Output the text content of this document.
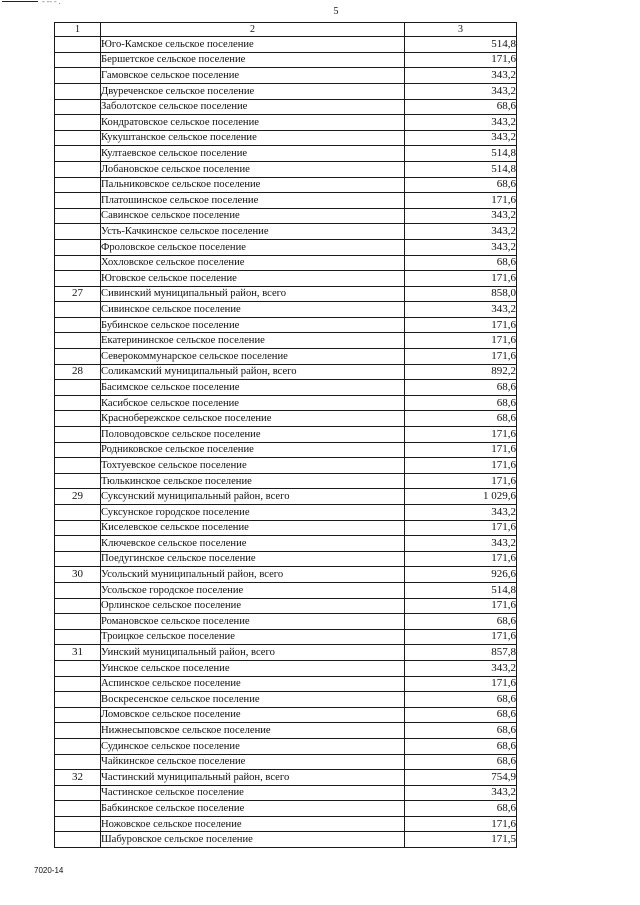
- -- - .
5
1	2	3
	Юго-Камское сельское поселение	514,8
	Бершетское сельское поселение	171,6
	Гамовское сельское поселение	343,2
	Двуреченское сельское поселение	343,2
	Заболотское сельское поселение	68,6
	Кондратовское сельское поселение	343,2
	Кукуштанское сельское поселение	343,2
	Култаевское сельское поселение	514,8
	Лобановское сельское поселение	514,8
	Пальниковское сельское поселение	68,6
	Платошинское сельское поселение	171,6
	Савинское сельское поселение	343,2
	Усть-Качкинское сельское поселение	343,2
	Фроловское сельское поселение	343,2
	Хохловское сельское поселение	68,6
	Юговское сельское поселение	171,6
27	Сивинский муниципальный район, всего	858,0
	Сивинское сельское поселение	343,2
	Бубинское сельское поселение	171,6
	Екатерининское сельское поселение	171,6
	Северокоммунарское сельское поселение	171,6
28	Соликамский муниципальный район, всего	892,2
	Басимское сельское поселение	68,6
	Касибское сельское поселение	68,6
	Краснобережское сельское поселение	68,6
	Половодовское сельское поселение	171,6
	Родниковское сельское поселение	171,6
	Тохтуевское сельское поселение	171,6
	Тюлькинское сельское поселение	171,6
29	Суксунский муниципальный район, всего	1 029,6
	Суксунское городское поселение	343,2
	Киселевское сельское поселение	171,6
	Ключевское сельское поселение	343,2
	Поедугинское сельское поселение	171,6
30	Усольский муниципальный район, всего	926,6
	Усольское городское поселение	514,8
	Орлинское сельское поселение	171,6
	Романовское сельское поселение	68,6
	Троицкое сельское поселение	171,6
31	Уинский муниципальный район, всего	857,8
	Уинское сельское поселение	343,2
	Аспинское сельское поселение	171,6
	Воскресенское сельское поселение	68,6
	Ломовское сельское поселение	68,6
	Нижнесыповское сельское поселение	68,6
	Судинское сельское поселение	68,6
	Чайкинское сельское поселение	68,6
32	Частинский муниципальный район, всего	754,9
	Частинское сельское поселение	343,2
	Бабкинское сельское поселение	68,6
	Ножовское сельское поселение	171,6
	Шабуровское сельское поселение	171,5
7020-14
